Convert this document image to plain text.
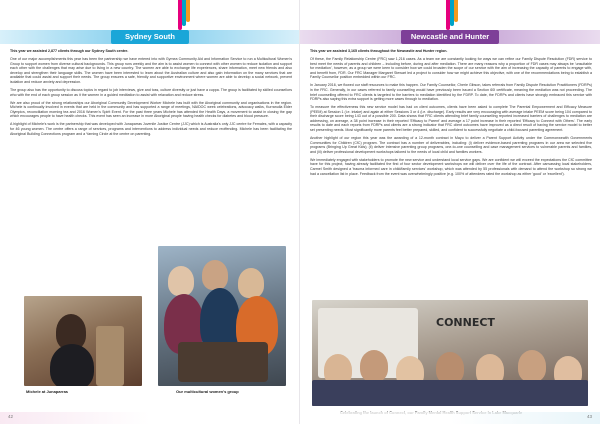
Sydney South

This year we assisted 2,877 clients through our Sydney South centre.

One of our major accomplishments this year has been the partnership we have entered into with Gymea Community Aid and Information Service to run a Multicultural Women's Group to support women from diverse cultural backgrounds. This group runs weekly and the aim is to assist women to connect with other women to reduce isolation and support each other with the challenges that may arise due to living in a new country. The women are able to exchange life experiences, share information, meet new friends and also develop and strengthen their language skills. The women have been interested to learn about the Australian culture and also gain information on the many services that are available that could assist and support their needs. The group ensures a safe, friendly and supportive environment where women are able to develop a social network, prevent isolation and reduce anxiety and depression.

The group also has the opportunity to discuss topics in regard to job interviews, give and toss, culture diversity or just have a cuppa. The group is facilitated by skilled counsellors who with the end of each group session as it the women in a guided meditation to assist with relaxation and reduce stress.

We are also proud of the strong relationships our Aboriginal Community Development Worker Michele has built with the Aboriginal community and organisations in the region. Michele is continually involved in events that are held in the community and has supported a range of meetings, NAIDOC week celebrations, advocacy walks, Kurranulla Elder Olympics, reconciliation morning tea and 2016 Women's Spirit Event. For the past three years Michele has attended the Health Days, a movement to assist in closing the gap which encourages people to have health checks. This event has seen an increase in more Aboriginal people having health checks for diabetes and blood pressure.

A highlight of Michele's work is the partnership that was developed with Junaparras Juvenile Justice Centre (JJC) which is Australia's only JJC centre for Females, with a capacity for 46 young women. The centre offers a range of services, programs and interventions to address individual needs and reduce reoffending. Michele has been facilitating the Aboriginal Building Connections program and a Yarning Circle at the centre on parenting.

Michele at Junaparras	Our multicultural women's group
42
Newcastle and Hunter

This year we assisted 3,165 clients throughout the Newcastle and Hunter region.

Of these, the Family Relationship Centre (FRC) saw 1,216 cases. As a team we are constantly looking for ways we can refine our Family Dispute Resolution (FDR) service to best meet the needs of parents and children – including before, during and after mediation. There are many reasons why a proportion of FDR cases may always be 'unsuitable for mediation', however, as a group we were keen to consider how we could broaden the scope of our service with the aim of increasing the capacity of parents to engage with, and benefit from, FDR. Our FRC Manager Margaret Stewart led a project to consider how we might achieve this objective, with one of the recommendations being to establish a Family Counsellor position embedded within our FRC.

In January 2016, we flowed our staff resources to make this happen. Our Family Counsellor, Cherie Gibson, takes referrals from Family Dispute Resolution Practitioners (FDRPs) in the FRC. Generally, in our cases referred to family counselling would have previously been issued a Section 60I certificate, meaning the mediation was not proceeding. The brief counselling offered to FRC clients is targeted to the barriers to mediation identified by the FDRP. To date, the FDRPs and clients have strongly embraced this service with FDRPs also saying this extra support is getting more cases through to mediation.

To measure the effectiveness this new service model has had on client outcomes, clients have been asked to complete The Parental Empowerment and Efficacy Measure (PEEM) at Session 1 (i.e. intake) and again at either Sessions 3 or 4 (i.e. discharge). Early results are very encouraging with average intake PEEM score being 104 compared to their discharge score being 143 out of a possible 200. Data shows that FRC clients attending brief family counselling reported increased barriers of challenges to mediation are addressing, on average, a 38 point increase in their reported 'Efficacy to Parent' and average a 17 point increase in their reported 'Efficacy to Connect with Others'. The early results to date and each reports from FDRPs and clients are a strong indicator that FRC client outcomes have improved as a direct result of having the service model to better set presenting needs. Most significantly more parents feel better prepared, skilled, and confident to successfully negotiate a child-focused parenting agreement.

Another highlight of our region this year was the awarding of a 12-month contract in Mayo to deliver a Parent Support Activity under the Commonwealth Governments Communities for Children (CfC) program. The contract has a number of deliverables, including: (i) deliver evidence-based parenting programs in our area we selected five programs (Bringing Up Great Kids); (ii) deliver intensive parenting group programs, one-to-one counselling and case management services to vulnerable parents and families, and (iii) deliver professional development workshops tailored to the needs of local child and families workers.

We immediately engaged with stakeholders to promote the new service and understand local service gaps. We are confident we will exceed the expectations the CfC committee have for this project, having already facilitated the first of four sector development workshops we will deliver over the life of the contract. After canvassing local stakeholders, Carmel Smith designed a 'trauma informed care in child/family services' workshop, which was attended by 55 professionals with demand to attend the workshop so strong we had a cancellation list in place. Feedback from the event was overwhelmingly positive (e.g. 100% of attendees rated the workshop as either 'good' or 'excellent').

CONNECT
43
